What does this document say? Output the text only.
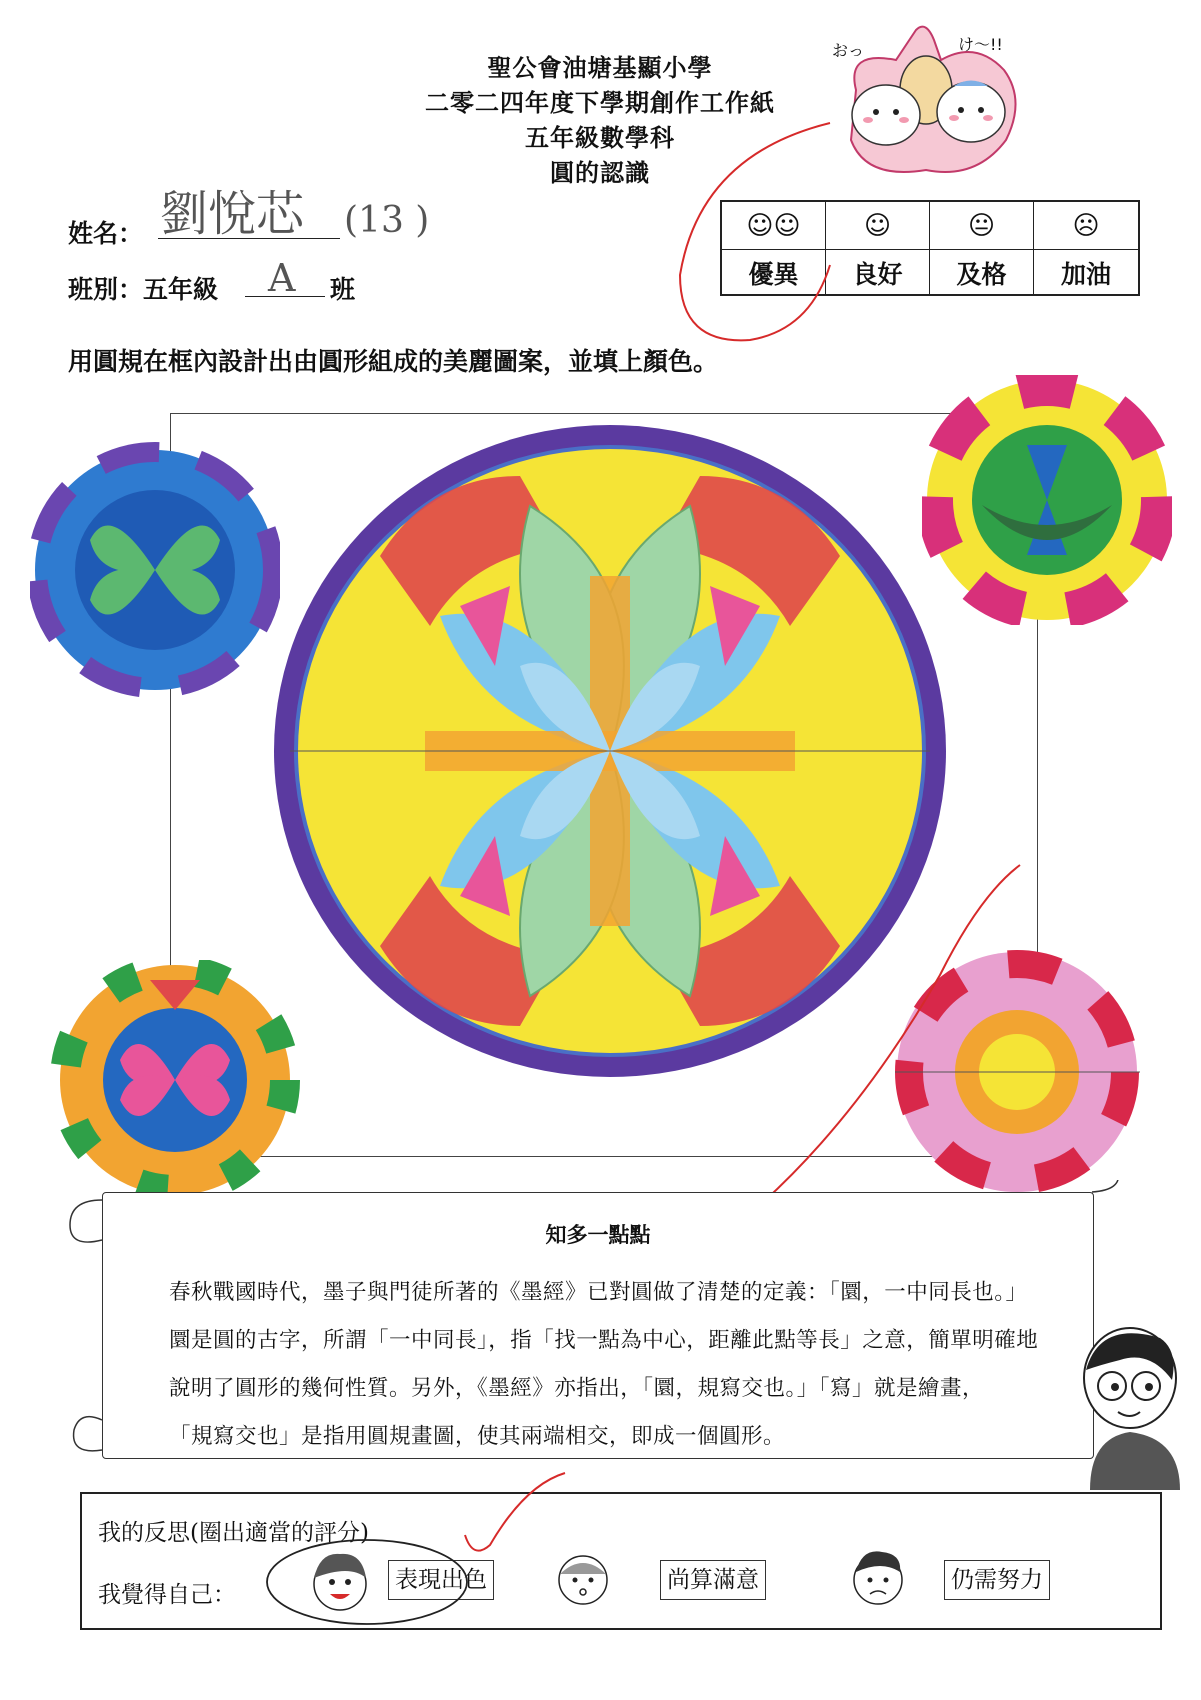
聖公會油塘基顯小學
二零二四年度下學期創作工作紙
五年級數學科
圓的認識
おっ	け〜!!
姓名： 劉悅芯 (13 )
班別：五年級 A 班
☺☺	☺	😐	☹
優異	良好	及格	加油
用圓規在框內設計出由圓形組成的美麗圖案，並填上顏色。
知多一點點
春秋戰國時代，墨子與門徒所著的《墨經》已對圓做了清楚的定義：「圜，一中同長也。」
圜是圓的古字，所謂「一中同長」，指「找一點為中心，距離此點等長」之意，簡單明確地
說明了圓形的幾何性質。另外，《墨經》亦指出，「圜，規寫交也。」「寫」就是繪畫，
「規寫交也」是指用圓規畫圖，使其兩端相交，即成一個圓形。
我的反思(圈出適當的評分)
我覺得自己：
表現出色	尚算滿意	仍需努力
